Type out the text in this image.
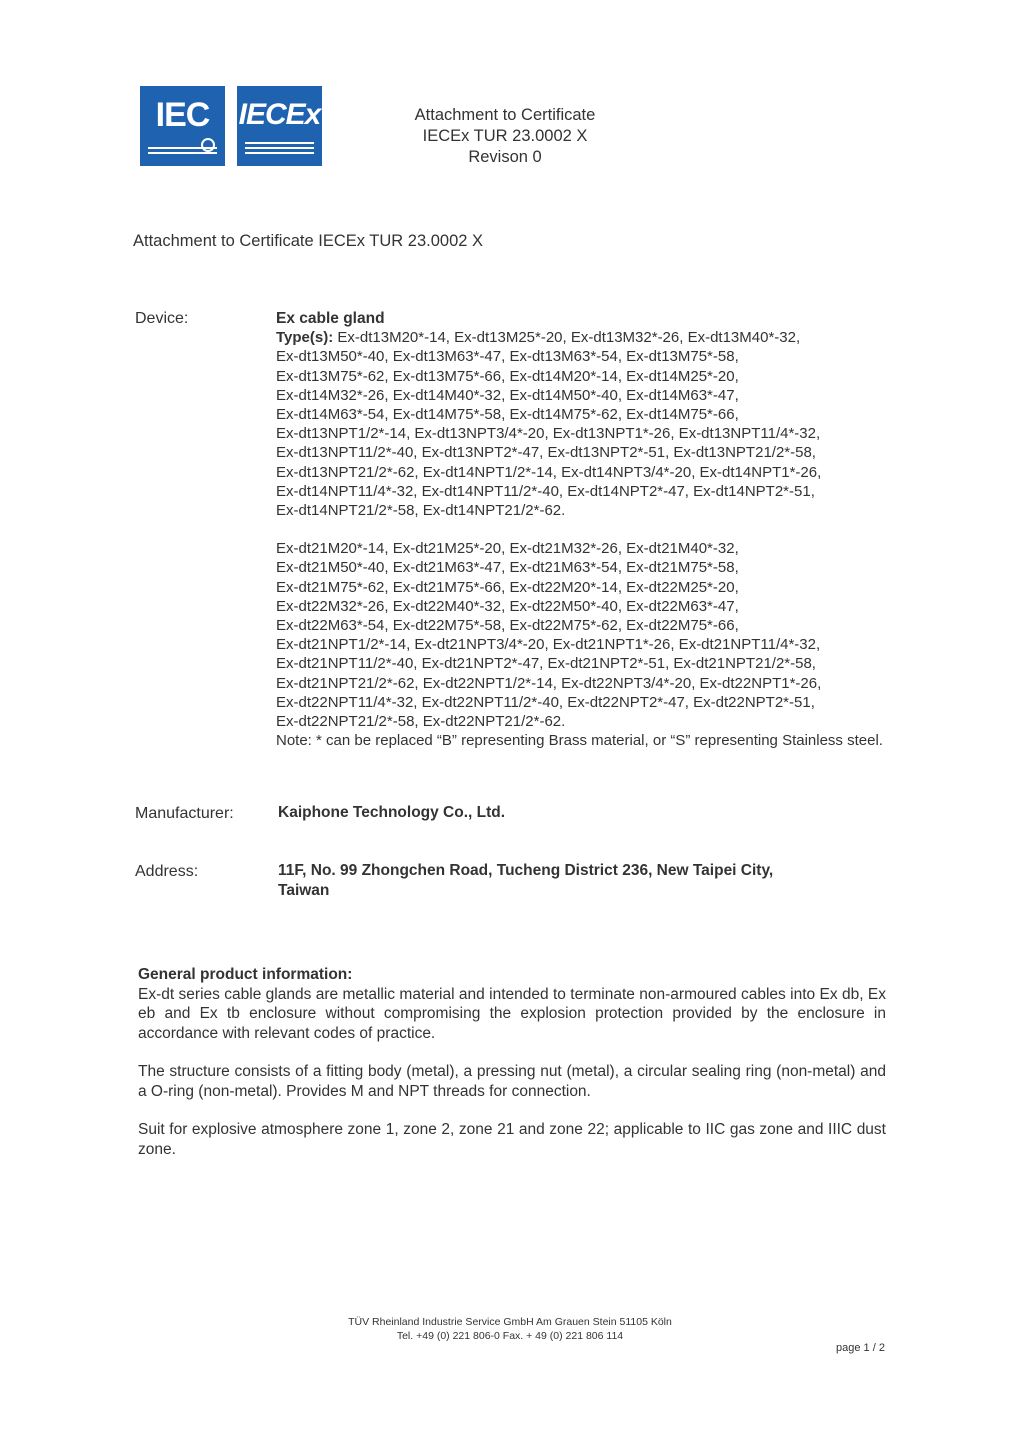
IEC IECEx	Attachment to Certificate
IECEx TUR 23.0002 X
Revison 0
Attachment to Certificate IECEx TUR 23.0002 X
Device:	Ex cable gland
Type(s): Ex-dt13M20*-14, Ex-dt13M25*-20, Ex-dt13M32*-26, Ex-dt13M40*-32,
Ex-dt13M50*-40, Ex-dt13M63*-47, Ex-dt13M63*-54, Ex-dt13M75*-58,
Ex-dt13M75*-62, Ex-dt13M75*-66, Ex-dt14M20*-14, Ex-dt14M25*-20,
Ex-dt14M32*-26, Ex-dt14M40*-32, Ex-dt14M50*-40, Ex-dt14M63*-47,
Ex-dt14M63*-54, Ex-dt14M75*-58, Ex-dt14M75*-62, Ex-dt14M75*-66,
Ex-dt13NPT1/2*-14, Ex-dt13NPT3/4*-20, Ex-dt13NPT1*-26, Ex-dt13NPT11/4*-32,
Ex-dt13NPT11/2*-40, Ex-dt13NPT2*-47, Ex-dt13NPT2*-51, Ex-dt13NPT21/2*-58,
Ex-dt13NPT21/2*-62, Ex-dt14NPT1/2*-14, Ex-dt14NPT3/4*-20, Ex-dt14NPT1*-26,
Ex-dt14NPT11/4*-32, Ex-dt14NPT11/2*-40, Ex-dt14NPT2*-47, Ex-dt14NPT2*-51,
Ex-dt14NPT21/2*-58, Ex-dt14NPT21/2*-62.
Ex-dt21M20*-14, Ex-dt21M25*-20, Ex-dt21M32*-26, Ex-dt21M40*-32,
Ex-dt21M50*-40, Ex-dt21M63*-47, Ex-dt21M63*-54, Ex-dt21M75*-58,
Ex-dt21M75*-62, Ex-dt21M75*-66, Ex-dt22M20*-14, Ex-dt22M25*-20,
Ex-dt22M32*-26, Ex-dt22M40*-32, Ex-dt22M50*-40, Ex-dt22M63*-47,
Ex-dt22M63*-54, Ex-dt22M75*-58, Ex-dt22M75*-62, Ex-dt22M75*-66,
Ex-dt21NPT1/2*-14, Ex-dt21NPT3/4*-20, Ex-dt21NPT1*-26, Ex-dt21NPT11/4*-32,
Ex-dt21NPT11/2*-40, Ex-dt21NPT2*-47, Ex-dt21NPT2*-51, Ex-dt21NPT21/2*-58,
Ex-dt21NPT21/2*-62, Ex-dt22NPT1/2*-14, Ex-dt22NPT3/4*-20, Ex-dt22NPT1*-26,
Ex-dt22NPT11/4*-32, Ex-dt22NPT11/2*-40, Ex-dt22NPT2*-47, Ex-dt22NPT2*-51,
Ex-dt22NPT21/2*-58, Ex-dt22NPT21/2*-62.
Note: * can be replaced “B” representing Brass material, or “S” representing Stainless steel.
Manufacturer:	Kaiphone Technology Co., Ltd.
Address:	11F, No. 99 Zhongchen Road, Tucheng District 236, New Taipei City,
Taiwan
General product information:

Ex-dt series cable glands are metallic material and intended to terminate non-armoured cables into Ex db, Ex eb and Ex tb enclosure without compromising the explosion protection provided by the enclosure in accordance with relevant codes of practice.

The structure consists of a fitting body (metal), a pressing nut (metal), a circular sealing ring (non-metal) and a O-ring (non-metal). Provides M and NPT threads for connection.

Suit for explosive atmosphere zone 1, zone 2, zone 21 and zone 22; applicable to IIC gas zone and IIIC dust zone.

TÜV Rheinland Industrie Service GmbH Am Grauen Stein 51105 Köln
Tel. +49 (0) 221 806-0 Fax. + 49 (0) 221 806 114
page 1 / 2
